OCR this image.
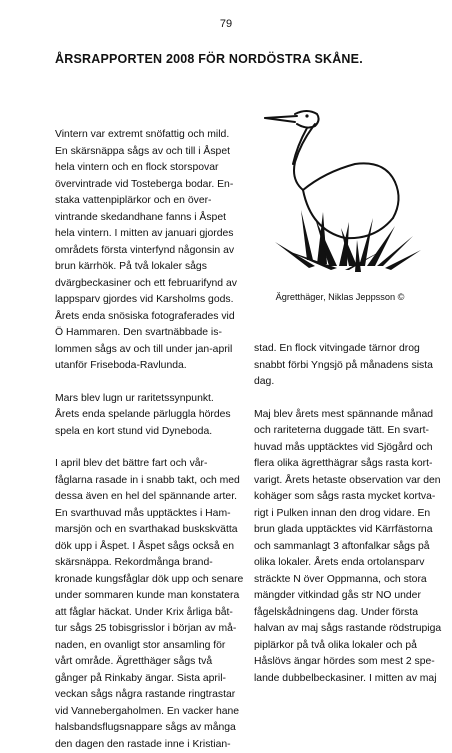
79
ÅRSRAPPORTEN 2008 FÖR NORDÖSTRA SKÅNE.

Vintern var extremt snöfattig och mild.
En skärsnäppa sågs av och till i Åspet
hela vintern och en flock storspovar
övervintrade vid Tosteberga bodar. En-
staka vattenpiplärkor och en över-
vintrande skedandhane fanns i Åspet
hela vintern. I mitten av januari gjordes
områdets första vinterfynd någonsin av
brun kärrhök. På två lokaler sågs
dvärgbeckasiner och ett februarifynd av
lappsparv gjordes vid Karsholms gods.
Årets enda snösiska fotograferades vid
Ö Hammaren. Den svartnäbbade is-
lommen sågs av och till under jan-april
utanför Friseboda-Ravlunda.

Mars blev lugn ur raritetssynpunkt.
Årets enda spelande pärluggla hördes
spela en kort stund vid Dyneboda.

I april blev det bättre fart och vår-
fåglarna rasade in i snabb takt, och med
dessa även en hel del spännande arter.
En svarthuvad mås upptäcktes i Ham-
marsjön och en svarthakad buskskvätta
dök upp i Åspet. I Åspet sågs också en
skärsnäppa. Rekordmånga brand-
kronade kungsfåglar dök upp och senare
under sommaren kunde man konstatera
att fåglar häckat. Under Krix årliga båt-
tur sågs 25 tobisgrisslor i början av må-
naden, en ovanligt stor ansamling för
vårt område. Ägretthäger sågs två
gånger på Rinkaby ängar. Sista april-
veckan sågs några rastande ringtrastar
vid Vannebergaholmen. En vacker hane
halsbandsflugsnappare sågs av många
den dagen den rastade inne i Kristian-

Ägretthäger, Niklas Jeppsson ©

stad. En flock vitvingade tärnor drog
snabbt förbi Yngsjö på månadens sista
dag.

Maj blev årets mest spännande månad
och rariteterna duggade tätt. En svart-
huvad mås upptäcktes vid Sjögård och
flera olika ägretthägrar sågs rasta kort-
varigt. Årets hetaste observation var den
kohäger som sågs rasta mycket kortva-
rigt i Pulken innan den drog vidare. En
brun glada upptäcktes vid Kärrfästorna
och sammanlagt 3 aftonfalkar sågs på
olika lokaler. Årets enda ortolansparv
sträckte N över Oppmanna, och stora
mängder vitkindad gås str NO under
fågelskådningens dag. Under första
halvan av maj sågs rastande rödstrupiga
piplärkor på två olika lokaler och på
Håslövs ängar hördes som mest 2 spe-
lande dubbelbeckasiner. I mitten av maj
